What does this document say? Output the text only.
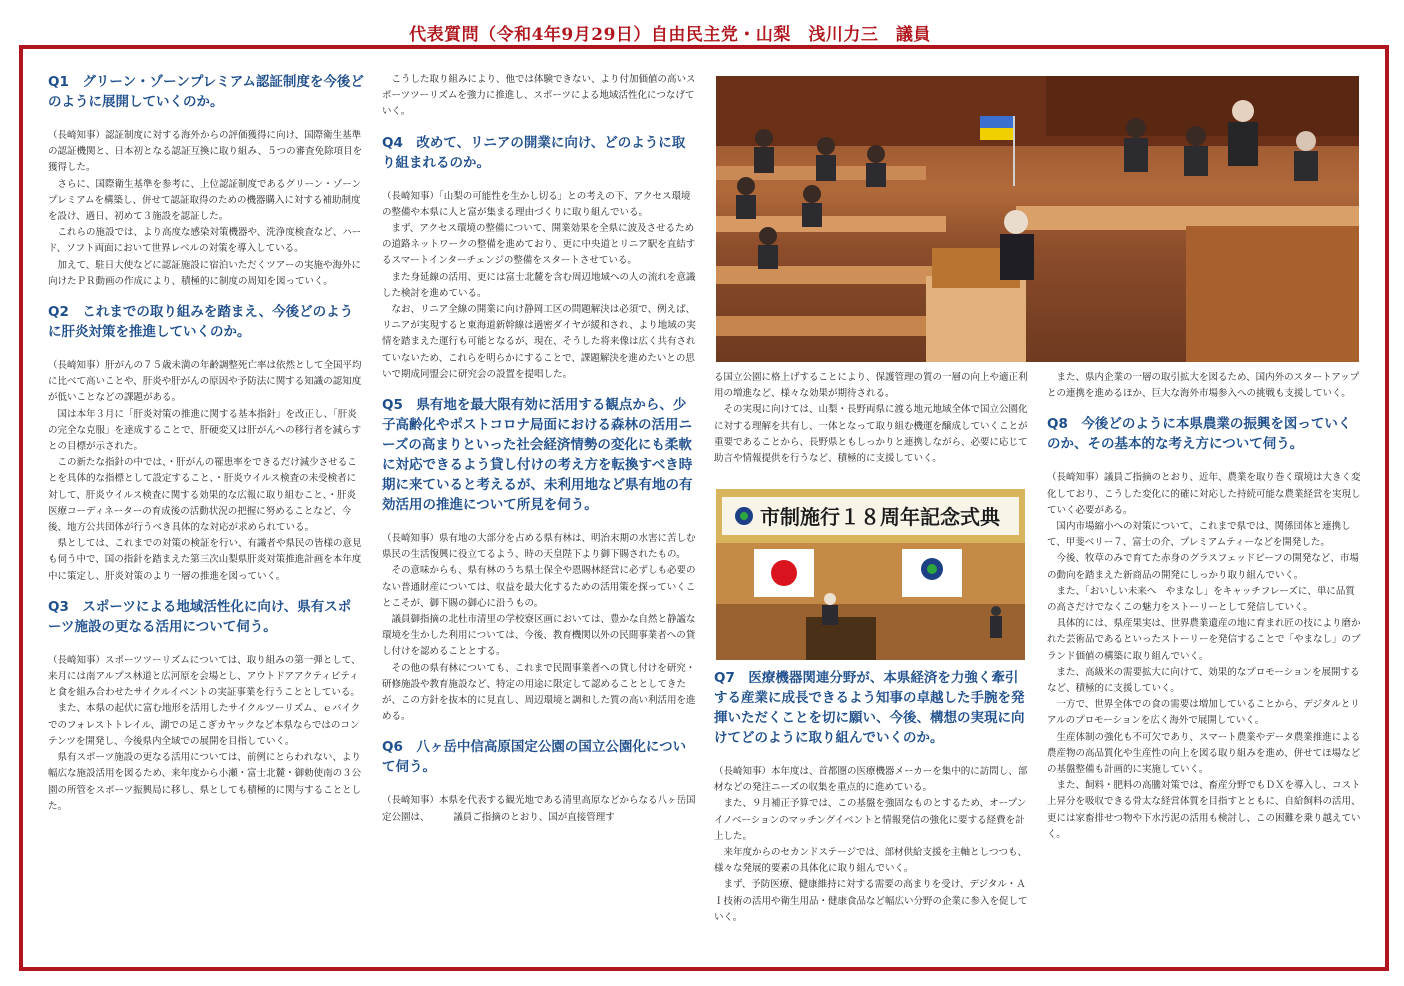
代表質問（令和4年9月29日）自由民主党・山梨　浅川力三　議員
Q1　グリーン・ゾーンプレミアム認証制度を今後どのように展開していくのか。

（長崎知事）認証制度に対する海外からの評価獲得に向け、国際衛生基準の認証機関と、日本初となる認証互換に取り組み、５つの審査免除項目を獲得した。

さらに、国際衛生基準を参考に、上位認証制度であるグリーン・ゾーン　プレミアムを構築し、併せて認証取得のための機器購入に対する補助制度を設け、過日、初めて３施設を認証した。

これらの施設では、より高度な感染対策機器や、洗浄度検査など、ハード、ソフト両面において世界レベルの対策を導入している。

加えて、駐日大使などに認証施設に宿泊いただくツアーの実施や海外に向けたＰＲ動画の作成により、積極的に制度の周知を図っていく。

Q2　これまでの取り組みを踏まえ、今後どのように肝炎対策を推進していくのか。

（長崎知事）肝がんの７５歳未満の年齢調整死亡率は依然として全国平均に比べて高いことや、肝炎や肝がんの原因や予防法に関する知識の認知度が低いことなどの課題がある。

国は本年３月に「肝炎対策の推進に関する基本指針」を改正し、「肝炎の完全な克服」を達成することで、肝硬変又は肝がんへの移行者を減らすとの目標が示された。

この新たな指針の中では、・肝がんの罹患率をできるだけ減少させることを具体的な指標として設定すること、・肝炎ウイルス検査の未受検者に対して、肝炎ウイルス検査に関する効果的な広報に取り組むこと、・肝炎医療コーディネーターの育成後の活動状況の把握に努めることなど、今後、地方公共団体が行うべき具体的な対応が求められている。

県としては、これまでの対策の検証を行い、有識者や県民の皆様の意見も伺う中で、国の指針を踏まえた第三次山梨県肝炎対策推進計画を本年度中に策定し、肝炎対策のより一層の推進を図っていく。

Q3　スポーツによる地域活性化に向け、県有スポーツ施設の更なる活用について伺う。

（長崎知事）スポーツツーリズムについては、取り組みの第一弾として、来月には南アルプス林道と広河原を会場とし、アウトドアアクティビティと食を組み合わせたサイクルイベントの実証事業を行うこととしている。

また、本県の起伏に富む地形を活用したサイクルツーリズム、ｅバイクでのフォレストトレイル、湖での足こぎカヤックなど本県ならではのコンテンツを開発し、今後県内全域での展開を目指していく。

県有スポーツ施設の更なる活用については、前例にとらわれない、より幅広な施設活用を図るため、来年度から小瀬・富士北麓・御勅使南の３公園の所管をスポーツ振興局に移し、県としても積極的に関与することとした。

こうした取り組みにより、他では体験できない、より付加価値の高いスポーツツーリズムを強力に推進し、スポーツによる地域活性化につなげていく。

Q4　改めて、リニアの開業に向け、どのように取り組まれるのか。

（長崎知事）「山梨の可能性を生かし切る」との考えの下、アクセス環境の整備や本県に人と富が集まる理由づくりに取り組んでいる。

まず、アクセス環境の整備について、開業効果を全県に波及させるための道路ネットワークの整備を進めており、更に中央道とリニア駅を直結するスマートインターチェンジの整備をスタートさせている。

また身延線の活用、更には富士北麓を含む周辺地域への人の流れを意識した検討を進めている。

なお、リニア全線の開業に向け静岡工区の問題解決は必須で、例えば、リニアが実現すると東海道新幹線は過密ダイヤが緩和され、より地域の実情を踏まえた運行も可能となるが、現在、そうした将来像は広く共有されていないため、これらを明らかにすることで、課題解決を進めたいとの思いで期成同盟会に研究会の設置を提唱した。

Q5　県有地を最大限有効に活用する観点から、少子高齢化やポストコロナ局面における森林の活用ニーズの高まりといった社会経済情勢の変化にも柔軟に対応できるよう貸し付けの考え方を転換すべき時期に来ていると考えるが、未利用地など県有地の有効活用の推進について所見を伺う。

（長崎知事）県有地の大部分を占める県有林は、明治末期の水害に苦しむ県民の生活復興に役立てるよう、時の天皇陛下より御下賜されたもの。

その意味からも、県有林のうち県土保全や恩賜林経営に必ずしも必要のない普通財産については、収益を最大化するための活用策を探っていくことこそが、御下賜の御心に沿うもの。

議員御指摘の北杜市清里の学校寮区画においては、豊かな自然と静謐な環境を生かした利用については、今後、教育機関以外の民間事業者への貸し付けを認めることとする。

その他の県有林についても、これまで民間事業者への貸し付けを研究・研修施設や教育施設など、特定の用途に限定して認めることとしてきたが、この方針を抜本的に見直し、周辺環境と調和した質の高い利活用を進める。

Q6　八ヶ岳中信高原国定公園の国立公園化について伺う。

（長崎知事）本県を代表する観光地である清里高原などからなる八ヶ岳国定公園は、　　　議員ご指摘のとおり、国が直接管理す

る国立公園に格上げすることにより、保護管理の質の一層の向上や適正利用の増進など、様々な効果が期待される。

その実現に向けては、山梨・長野両県に渡る地元地域全体で国立公園化に対する理解を共有し、一体となって取り組む機運を醸成していくことが重要であることから、長野県ともしっかりと連携しながら、必要に応じて助言や情報提供を行うなど、積極的に支援していく。

市制施行１８周年記念式典
Q7　医療機器関連分野が、本県経済を力強く牽引する産業に成長できるよう知事の卓越した手腕を発揮いただくことを切に願い、今後、構想の実現に向けてどのように取り組んでいくのか。

（長崎知事）本年度は、首都圏の医療機器メーカーを集中的に訪問し、部材などの発注ニーズの収集を重点的に進めている。

また、９月補正予算では、この基盤を強固なものとするため、オープンイノベーションのマッチングイベントと情報発信の強化に要する経費を計上した。

来年度からのセカンドステージでは、部材供給支援を主軸としつつも、様々な発展的要素の具体化に取り組んでいく。

まず、予防医療、健康維持に対する需要の高まりを受け、デジタル・ＡＩ技術の活用や衛生用品・健康食品など幅広い分野の企業に参入を促していく。

また、県内企業の一層の取引拡大を図るため、国内外のスタートアップとの連携を進めるほか、巨大な海外市場参入への挑戦も支援していく。

Q8　今後どのように本県農業の振興を図っていくのか、その基本的な考え方について伺う。

（長崎知事）議員ご指摘のとおり、近年、農業を取り巻く環境は大きく変化しており、こうした変化に的確に対応した持続可能な農業経営を実現していく必要がある。

国内市場縮小への対策について、これまで県では、関係団体と連携して、甲斐ベリー７、富士の介、プレミアムティーなどを開発した。

今後、牧草のみで育てた赤身のグラスフェッドビーフの開発など、市場の動向を踏まえた新商品の開発にしっかり取り組んでいく。

また、「おいしい未来へ　やまなし」をキャッチフレーズに、単に品質の高さだけでなくこの魅力をストーリーとして発信していく。

具体的には、県産果実は、世界農業遺産の地に育まれ匠の技により磨かれた芸術品であるといったストーリーを発信することで「やまなし」のブランド価値の構築に取り組んでいく。

また、高級米の需要拡大に向けて、効果的なプロモーションを展開するなど、積極的に支援していく。

一方で、世界全体での食の需要は増加していることから、デジタルとリアルのプロモーションを広く海外で展開していく。

生産体制の強化も不可欠であり、スマート農業やデータ農業推進による農産物の高品質化や生産性の向上を図る取り組みを進め、併せてほ場などの基盤整備も計画的に実施していく。

また、飼料・肥料の高騰対策では、畜産分野でもＤＸを導入し、コスト上昇分を吸収できる骨太な経営体質を目指すとともに、自給飼料の活用、更には家畜排せつ物や下水汚泥の活用も検討し、この困難を乗り越えていく。
